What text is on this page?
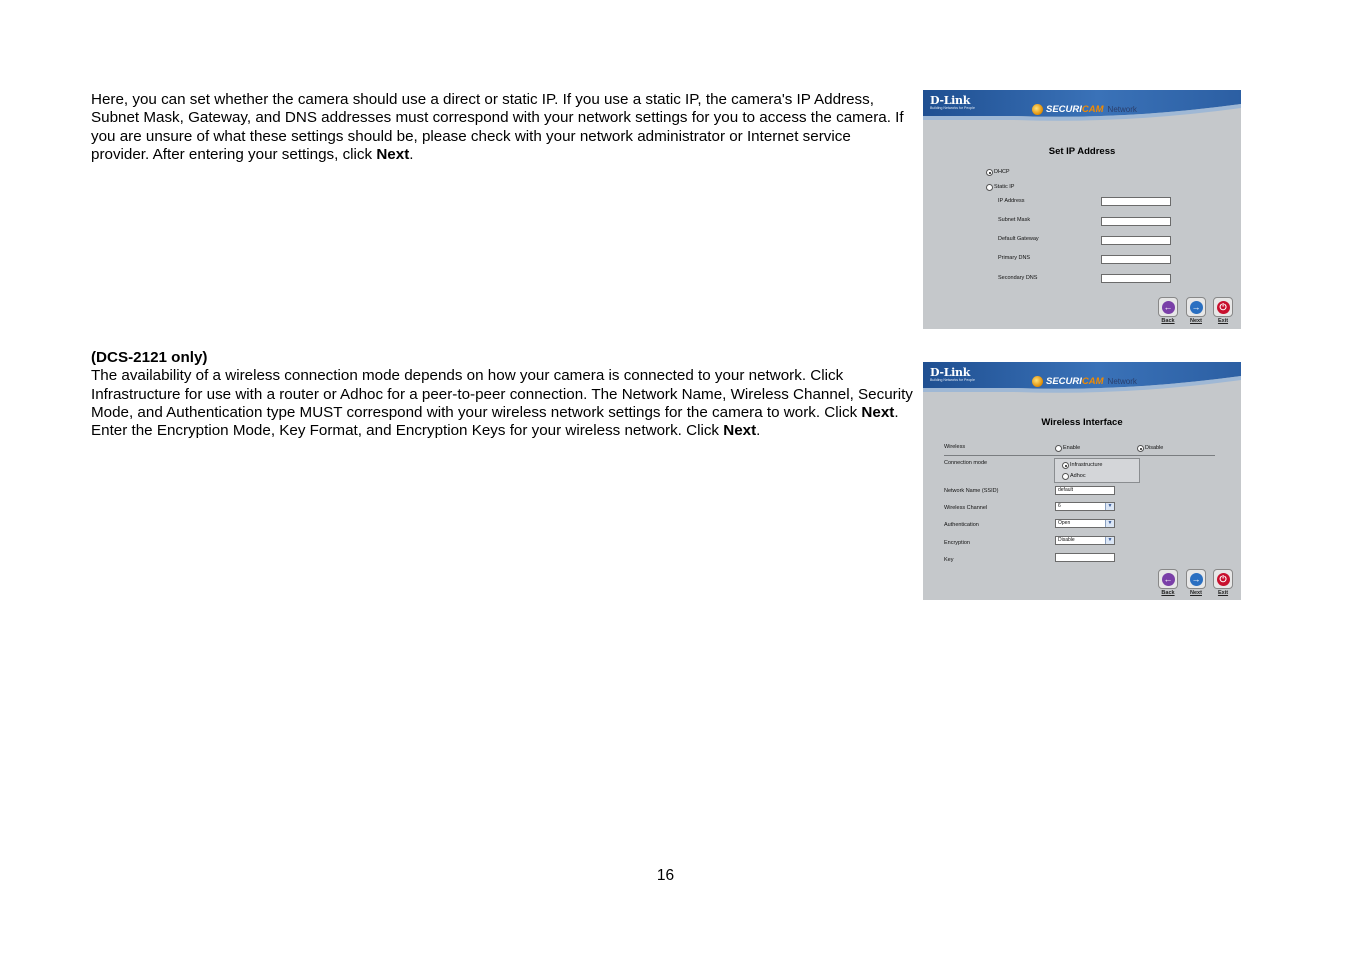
Here, you can set whether the camera should use a direct or static IP. If you use a static IP, the camera's IP Address, Subnet Mask, Gateway, and DNS addresses must correspond with your network settings for you to access the camera. If you are unsure of what these settings should be, please check with your network administrator or Internet service provider. After entering your settings, click Next.

(DCS-2121 only)
The availability of a wireless connection mode depends on how your camera is connected to your network. Click Infrastructure for use with a router or Adhoc for a peer-to-peer connection. The Network Name, Wireless Channel, Security Mode, and Authentication type MUST correspond with your wireless network settings for the camera to work. Click Next. Enter the Encryption Mode, Key Format, and Encryption Keys for your wireless network. Click Next.

16
D-Link
Building Networks for People	SECURI CAM Network
Set IP Address
DHCP
Static IP
IP Address
Subnet Mask
Default Gateway
Primary DNS
Secondary DNS
←
Back
→
Next
⏻
Exit
D-Link
Building Networks for People	SECURI CAM Network
Wireless Interface
Wireless	Enable	Disable
Connection mode	Infrastructure
Adhoc
Network Name (SSID)	default
Wireless Channel	6	▼
Authentication	Open	▼
Encryption	Disable	▼
Key
←
Back
→
Next
⏻
Exit
